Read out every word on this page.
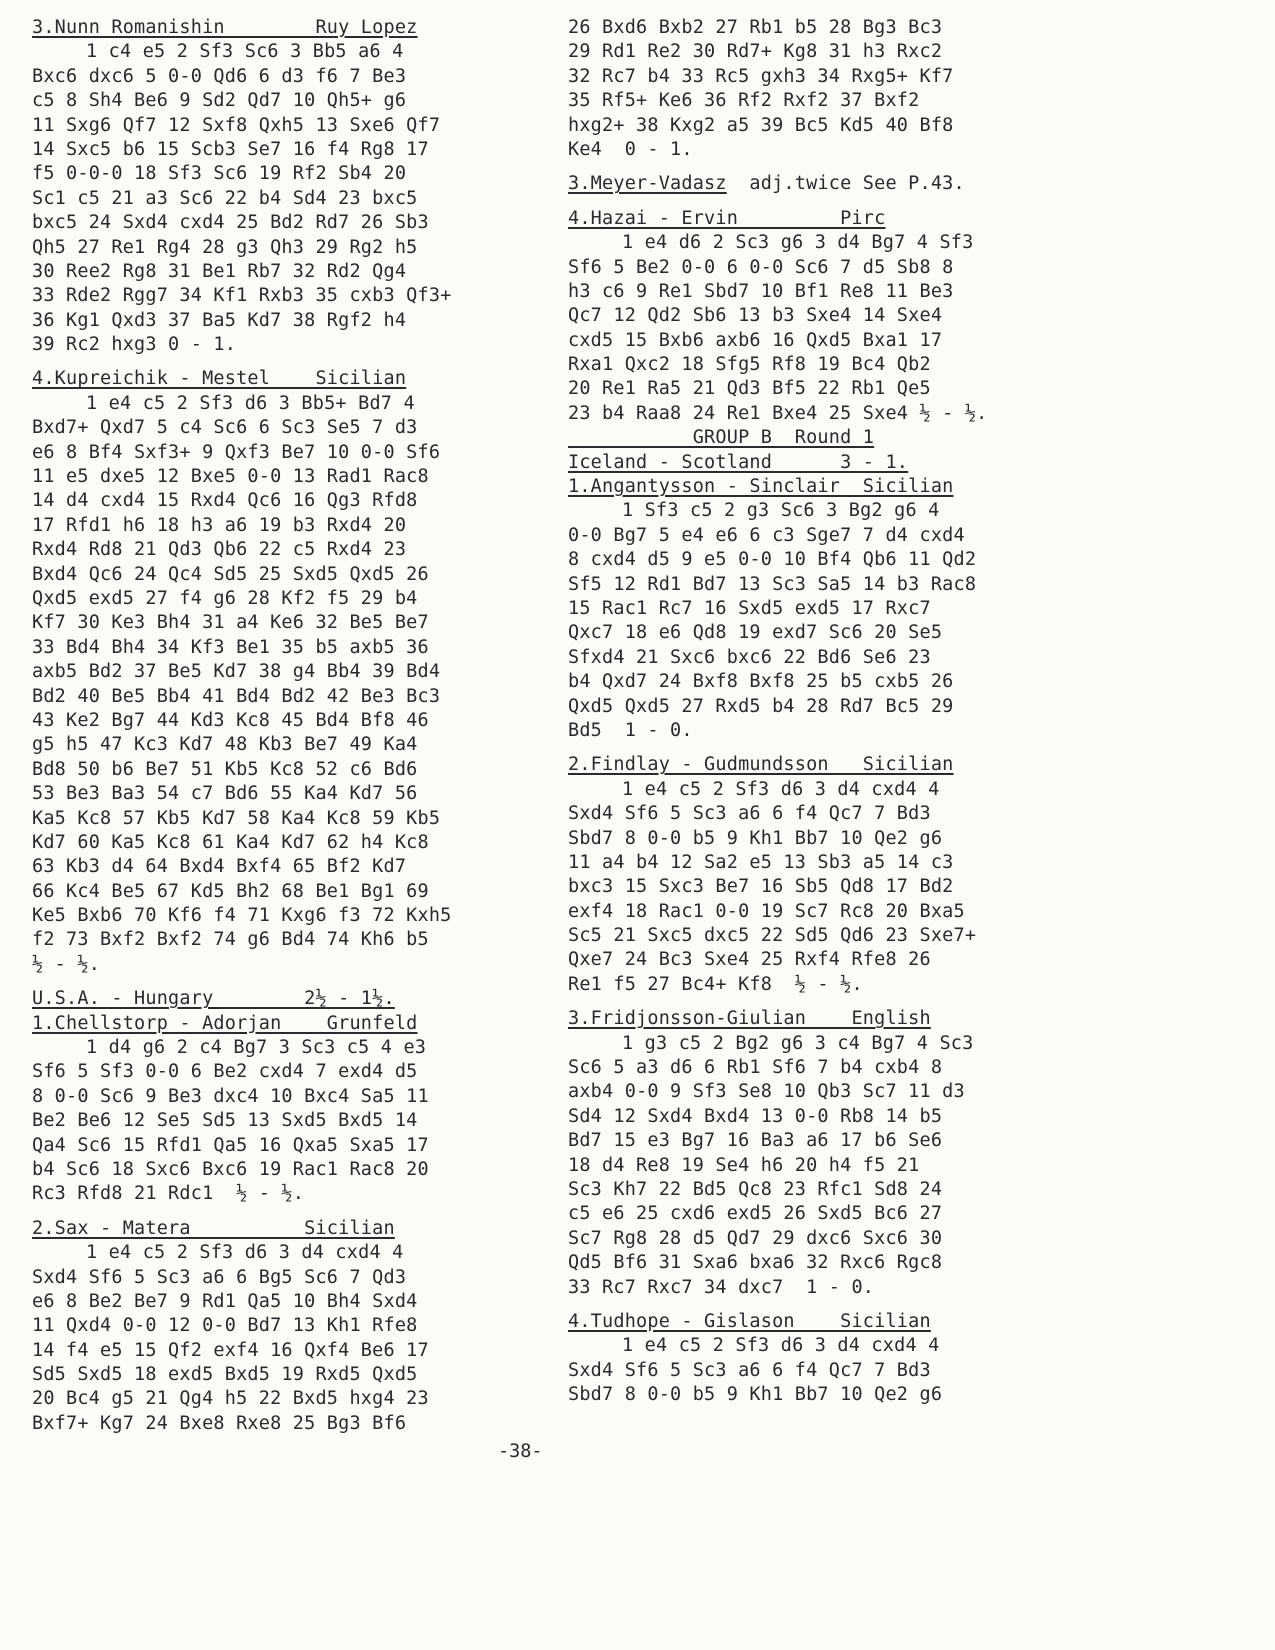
3.Nunn Romanishin        Ruy Lopez
1 c4 e5 2 Sf3 Sc6 3 Bb5 a6 4
Bxc6 dxc6 5 0-0 Qd6 6 d3 f6 7 Be3
c5 8 Sh4 Be6 9 Sd2 Qd7 10 Qh5+ g6
11 Sxg6 Qf7 12 Sxf8 Qxh5 13 Sxe6 Qf7
14 Sxc5 b6 15 Scb3 Se7 16 f4 Rg8 17
f5 0-0-0 18 Sf3 Sc6 19 Rf2 Sb4 20
Sc1 c5 21 a3 Sc6 22 b4 Sd4 23 bxc5
bxc5 24 Sxd4 cxd4 25 Bd2 Rd7 26 Sb3
Qh5 27 Re1 Rg4 28 g3 Qh3 29 Rg2 h5
30 Ree2 Rg8 31 Be1 Rb7 32 Rd2 Qg4
33 Rde2 Rgg7 34 Kf1 Rxb3 35 cxb3 Qf3+
36 Kg1 Qxd3 37 Ba5 Kd7 38 Rgf2 h4
39 Rc2 hxg3 0 - 1.
4.Kupreichik - Mestel    Sicilian
1 e4 c5 2 Sf3 d6 3 Bb5+ Bd7 4
Bxd7+ Qxd7 5 c4 Sc6 6 Sc3 Se5 7 d3
e6 8 Bf4 Sxf3+ 9 Qxf3 Be7 10 0-0 Sf6
11 e5 dxe5 12 Bxe5 0-0 13 Rad1 Rac8
14 d4 cxd4 15 Rxd4 Qc6 16 Qg3 Rfd8
17 Rfd1 h6 18 h3 a6 19 b3 Rxd4 20
Rxd4 Rd8 21 Qd3 Qb6 22 c5 Rxd4 23
Bxd4 Qc6 24 Qc4 Sd5 25 Sxd5 Qxd5 26
Qxd5 exd5 27 f4 g6 28 Kf2 f5 29 b4
Kf7 30 Ke3 Bh4 31 a4 Ke6 32 Be5 Be7
33 Bd4 Bh4 34 Kf3 Be1 35 b5 axb5 36
axb5 Bd2 37 Be5 Kd7 38 g4 Bb4 39 Bd4
Bd2 40 Be5 Bb4 41 Bd4 Bd2 42 Be3 Bc3
43 Ke2 Bg7 44 Kd3 Kc8 45 Bd4 Bf8 46
g5 h5 47 Kc3 Kd7 48 Kb3 Be7 49 Ka4
Bd8 50 b6 Be7 51 Kb5 Kc8 52 c6 Bd6
53 Be3 Ba3 54 c7 Bd6 55 Ka4 Kd7 56
Ka5 Kc8 57 Kb5 Kd7 58 Ka4 Kc8 59 Kb5
Kd7 60 Ka5 Kc8 61 Ka4 Kd7 62 h4 Kc8
63 Kb3 d4 64 Bxd4 Bxf4 65 Bf2 Kd7
66 Kc4 Be5 67 Kd5 Bh2 68 Be1 Bg1 69
Ke5 Bxb6 70 Kf6 f4 71 Kxg6 f3 72 Kxh5
f2 73 Bxf2 Bxf2 74 g6 Bd4 74 Kh6 b5
½ - ½.
U.S.A. - Hungary        2½ - 1½.
1.Chellstorp - Adorjan    Grunfeld
1 d4 g6 2 c4 Bg7 3 Sc3 c5 4 e3
Sf6 5 Sf3 0-0 6 Be2 cxd4 7 exd4 d5
8 0-0 Sc6 9 Be3 dxc4 10 Bxc4 Sa5 11
Be2 Be6 12 Se5 Sd5 13 Sxd5 Bxd5 14
Qa4 Sc6 15 Rfd1 Qa5 16 Qxa5 Sxa5 17
b4 Sc6 18 Sxc6 Bxc6 19 Rac1 Rac8 20
Rc3 Rfd8 21 Rdc1  ½ - ½.
2.Sax - Matera          Sicilian
1 e4 c5 2 Sf3 d6 3 d4 cxd4 4
Sxd4 Sf6 5 Sc3 a6 6 Bg5 Sc6 7 Qd3
e6 8 Be2 Be7 9 Rd1 Qa5 10 Bh4 Sxd4
11 Qxd4 0-0 12 0-0 Bd7 13 Kh1 Rfe8
14 f4 e5 15 Qf2 exf4 16 Qxf4 Be6 17
Sd5 Sxd5 18 exd5 Bxd5 19 Rxd5 Qxd5
20 Bc4 g5 21 Qg4 h5 22 Bxd5 hxg4 23
Bxf7+ Kg7 24 Bxe8 Rxe8 25 Bg3 Bf6
26 Bxd6 Bxb2 27 Rb1 b5 28 Bg3 Bc3
29 Rd1 Re2 30 Rd7+ Kg8 31 h3 Rxc2
32 Rc7 b4 33 Rc5 gxh3 34 Rxg5+ Kf7
35 Rf5+ Ke6 36 Rf2 Rxf2 37 Bxf2
hxg2+ 38 Kxg2 a5 39 Bc5 Kd5 40 Bf8
Ke4  0 - 1.
3.Meyer-Vadasz  adj.twice See P.43.
4.Hazai - Ervin         Pirc
1 e4 d6 2 Sc3 g6 3 d4 Bg7 4 Sf3
Sf6 5 Be2 0-0 6 0-0 Sc6 7 d5 Sb8 8
h3 c6 9 Re1 Sbd7 10 Bf1 Re8 11 Be3
Qc7 12 Qd2 Sb6 13 b3 Sxe4 14 Sxe4
cxd5 15 Bxb6 axb6 16 Qxd5 Bxa1 17
Rxa1 Qxc2 18 Sfg5 Rf8 19 Bc4 Qb2
20 Re1 Ra5 21 Qd3 Bf5 22 Rb1 Qe5
23 b4 Raa8 24 Re1 Bxe4 25 Sxe4 ½ - ½.
GROUP B  Round 1
Iceland - Scotland      3 - 1.
1.Angantysson - Sinclair  Sicilian
1 Sf3 c5 2 g3 Sc6 3 Bg2 g6 4
0-0 Bg7 5 e4 e6 6 c3 Sge7 7 d4 cxd4
8 cxd4 d5 9 e5 0-0 10 Bf4 Qb6 11 Qd2
Sf5 12 Rd1 Bd7 13 Sc3 Sa5 14 b3 Rac8
15 Rac1 Rc7 16 Sxd5 exd5 17 Rxc7
Qxc7 18 e6 Qd8 19 exd7 Sc6 20 Se5
Sfxd4 21 Sxc6 bxc6 22 Bd6 Se6 23
b4 Qxd7 24 Bxf8 Bxf8 25 b5 cxb5 26
Qxd5 Qxd5 27 Rxd5 b4 28 Rd7 Bc5 29
Bd5  1 - 0.
2.Findlay - Gudmundsson   Sicilian
1 e4 c5 2 Sf3 d6 3 d4 cxd4 4
Sxd4 Sf6 5 Sc3 a6 6 f4 Qc7 7 Bd3
Sbd7 8 0-0 b5 9 Kh1 Bb7 10 Qe2 g6
11 a4 b4 12 Sa2 e5 13 Sb3 a5 14 c3
bxc3 15 Sxc3 Be7 16 Sb5 Qd8 17 Bd2
exf4 18 Rac1 0-0 19 Sc7 Rc8 20 Bxa5
Sc5 21 Sxc5 dxc5 22 Sd5 Qd6 23 Sxe7+
Qxe7 24 Bc3 Sxe4 25 Rxf4 Rfe8 26
Re1 f5 27 Bc4+ Kf8  ½ - ½.
3.Fridjonsson-Giulian    English
1 g3 c5 2 Bg2 g6 3 c4 Bg7 4 Sc3
Sc6 5 a3 d6 6 Rb1 Sf6 7 b4 cxb4 8
axb4 0-0 9 Sf3 Se8 10 Qb3 Sc7 11 d3
Sd4 12 Sxd4 Bxd4 13 0-0 Rb8 14 b5
Bd7 15 e3 Bg7 16 Ba3 a6 17 b6 Se6
18 d4 Re8 19 Se4 h6 20 h4 f5 21
Sc3 Kh7 22 Bd5 Qc8 23 Rfc1 Sd8 24
c5 e6 25 cxd6 exd5 26 Sxd5 Bc6 27
Sc7 Rg8 28 d5 Qd7 29 dxc6 Sxc6 30
Qd5 Bf6 31 Sxa6 bxa6 32 Rxc6 Rgc8
33 Rc7 Rxc7 34 dxc7  1 - 0.
4.Tudhope - Gislason    Sicilian
1 e4 c5 2 Sf3 d6 3 d4 cxd4 4
Sxd4 Sf6 5 Sc3 a6 6 f4 Qc7 7 Bd3
Sbd7 8 0-0 b5 9 Kh1 Bb7 10 Qe2 g6
-38-
